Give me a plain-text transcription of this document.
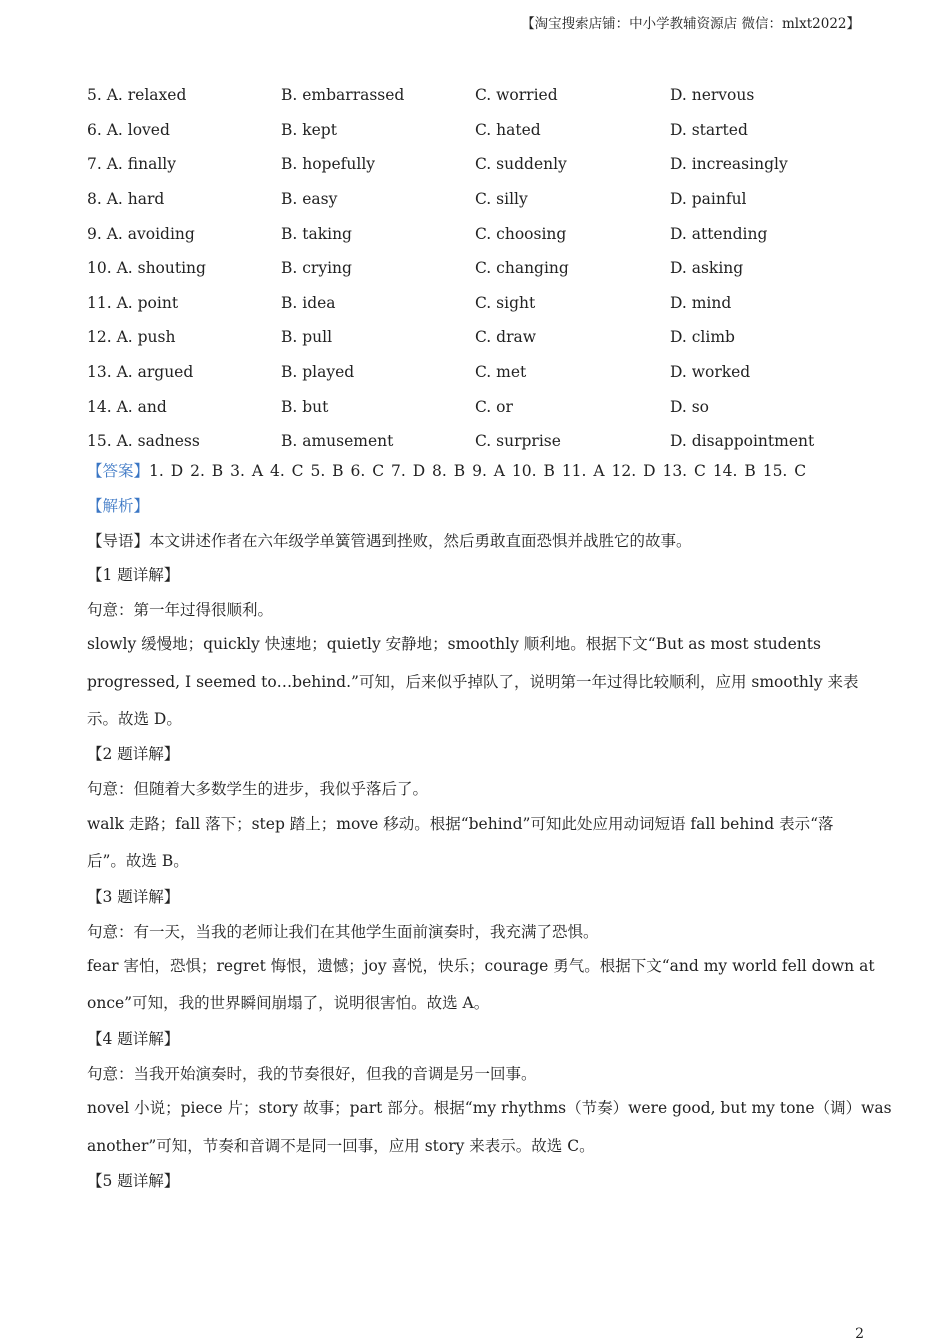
【淘宝搜索店铺：中小学教辅资源店 微信：mlxt2022】
5. A. relaxed	B. embarrassed	C. worried	D. nervous
6. A. loved	B. kept	C. hated	D. started
7. A. finally	B. hopefully	C. suddenly	D. increasingly
8. A. hard	B. easy	C. silly	D. painful
9. A. avoiding	B. taking	C. choosing	D. attending
10. A. shouting	B. crying	C. changing	D. asking
11. A. point	B. idea	C. sight	D. mind
12. A. push	B. pull	C. draw	D. climb
13. A. argued	B. played	C. met	D. worked
14. A. and	B. but	C. or	D. so
15. A. sadness	B. amusement	C. surprise	D. disappointment
【答案】1. D 2. B 3. A 4. C 5. B 6. C 7. D 8. B 9. A 10. B 11. A 12. D 13. C 14. B 15. C
【解析】
【导语】本文讲述作者在六年级学单簧管遇到挫败，然后勇敢直面恐惧并战胜它的故事。
【1 题详解】
句意：第一年过得很顺利。
slowly 缓慢地；quickly 快速地；quietly 安静地；smoothly 顺利地。根据下文“But as most students
progressed, I seemed to…behind.”可知，后来似乎掉队了，说明第一年过得比较顺利，应用 smoothly 来表
示。故选 D。
【2 题详解】
句意：但随着大多数学生的进步，我似乎落后了。
walk 走路；fall 落下；step 踏上；move 移动。根据“behind”可知此处应用动词短语 fall behind 表示“落
后”。故选 B。
【3 题详解】
句意：有一天，当我的老师让我们在其他学生面前演奏时，我充满了恐惧。
fear 害怕，恐惧；regret 悔恨，遗憾；joy 喜悦，快乐；courage 勇气。根据下文“and my world fell down at
once”可知，我的世界瞬间崩塌了，说明很害怕。故选 A。
【4 题详解】
句意：当我开始演奏时，我的节奏很好，但我的音调是另一回事。
novel 小说；piece 片；story 故事；part 部分。根据“my rhythms（节奏）were good, but my tone（调）was
another”可知，节奏和音调不是同一回事，应用 story 来表示。故选 C。
【5 题详解】
2
